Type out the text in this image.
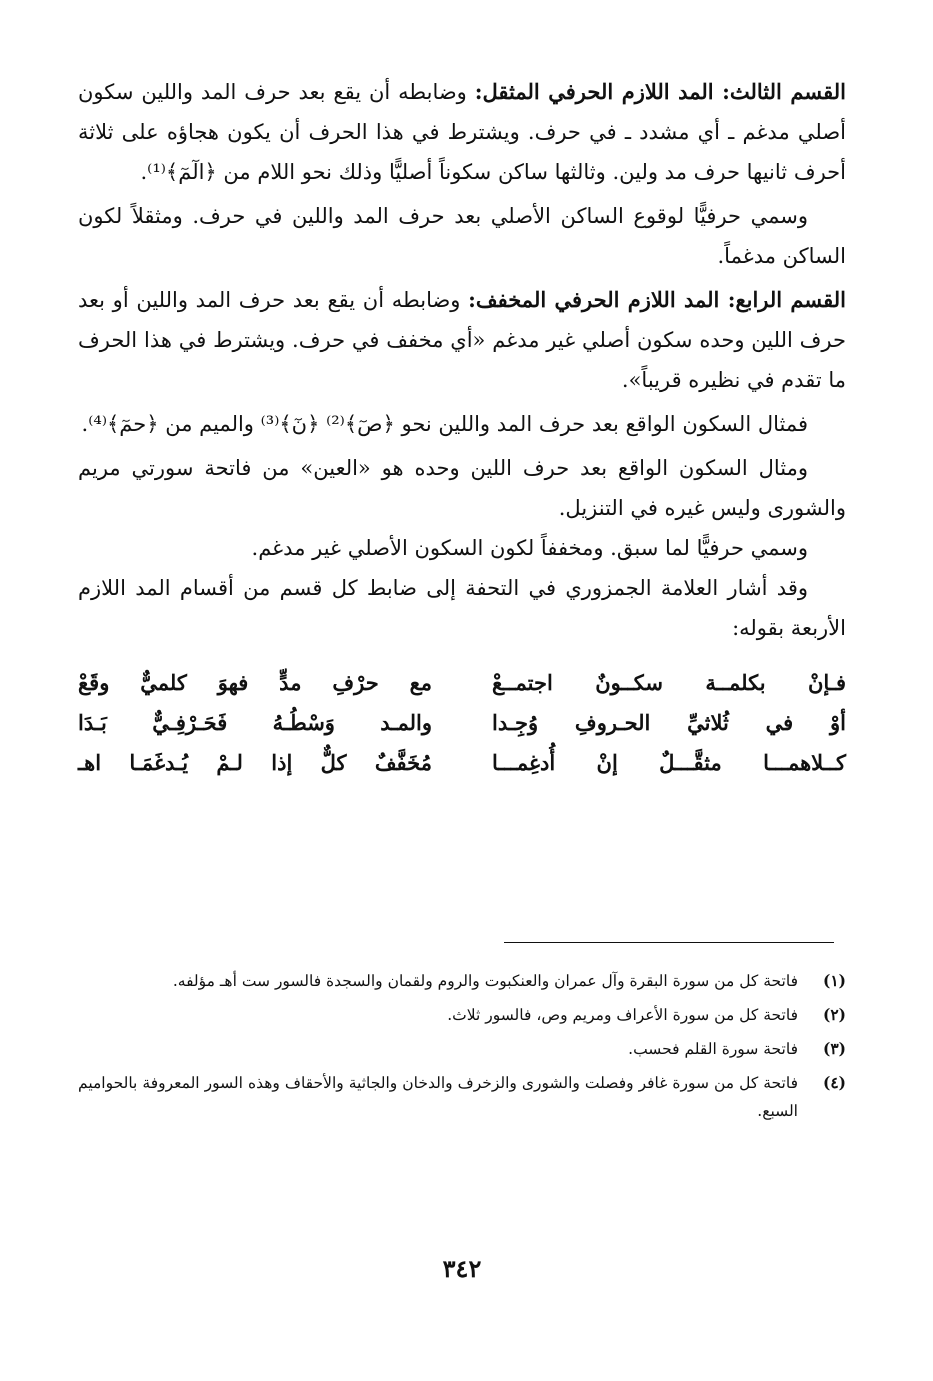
القسم الثالث: المد اللازم الحرفي المثقل: وضابطه أن يقع بعد حرف المد واللين سكون أصلي مدغم ـ أي مشدد ـ في حرف. ويشترط في هذا الحرف أن يكون هجاؤه على ثلاثة أحرف ثانيها حرف مد ولين. وثالثها ساكن سكوناً أصليًّا وذلك نحو اللام من ﴿الٓمٓ﴾⁽¹⁾.

وسمي حرفيًّا لوقوع الساكن الأصلي بعد حرف المد واللين في حرف. ومثقلاً لكون الساكن مدغماً.

القسم الرابع: المد اللازم الحرفي المخفف: وضابطه أن يقع بعد حرف المد واللين أو بعد حرف اللين وحده سكون أصلي غير مدغم «أي مخفف في حرف. ويشترط في هذا الحرف ما تقدم في نظيره قريباً».

فمثال السكون الواقع بعد حرف المد واللين نحو ﴿صٓ﴾⁽²⁾ ﴿نٓ﴾⁽³⁾ والميم من ﴿حمٓ﴾⁽⁴⁾.

ومثال السكون الواقع بعد حرف اللين وحده هو «العين» من فاتحة سورتي مريم والشورى وليس غيره في التنزيل.

وسمي حرفيًّا لما سبق. ومخففاً لكون السكون الأصلي غير مدغم.

وقد أشار العلامة الجمزوري في التحفة إلى ضابط كل قسم من أقسام المد اللازم الأربعة بقوله:

فـإنْ بكلمــة سكــونٌ اجتمــعْ
مع حرْفِ مدٍّ فهوَ كلميٌّ وقَعْ
أوْ في ثُلاثيِّ الحـروفِ وُجِـدا
والمـد وَسْطُـهُ فَحَـرْفِـيٌّ بَـدَا
كــلاهمـــا مثقَّـــلٌ إنْ أُدغِمـــا
مُخَفَّفٌ كلٌّ إذا لـمْ يُـدغَمَـا اهـ
(١)
فاتحة كل من سورة البقرة وآل عمران والعنكبوت والروم ولقمان والسجدة فالسور ست أهـ مؤلفه.
(٢)
فاتحة كل من سورة الأعراف ومريم وص، فالسور ثلاث.
(٣)
فاتحة سورة القلم فحسب.
(٤)
فاتحة كل من سورة غافر وفصلت والشورى والزخرف والدخان والجاثية والأحقاف وهذه السور المعروفة بالحواميم السبع.
٣٤٢
